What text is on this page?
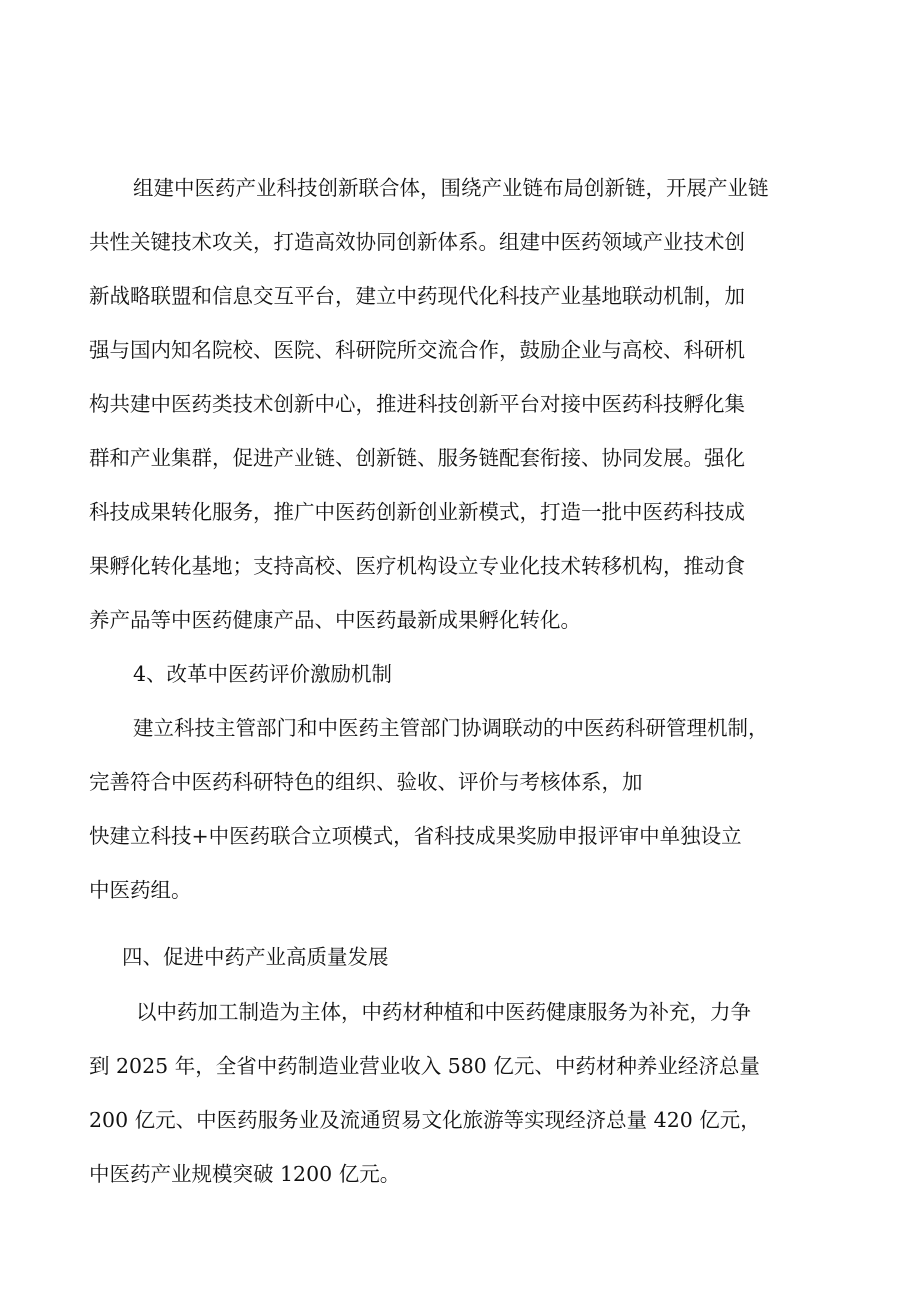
组建中医药产业科技创新联合体，围绕产业链布局创新链，开展产业链

共性关键技术攻关，打造高效协同创新体系。组建中医药领域产业技术创

新战略联盟和信息交互平台，建立中药现代化科技产业基地联动机制，加

强与国内知名院校、医院、科研院所交流合作，鼓励企业与高校、科研机

构共建中医药类技术创新中心，推进科技创新平台对接中医药科技孵化集

群和产业集群，促进产业链、创新链、服务链配套衔接、协同发展。强化

科技成果转化服务，推广中医药创新创业新模式，打造一批中医药科技成

果孵化转化基地；支持高校、医疗机构设立专业化技术转移机构，推动食

养产品等中医药健康产品、中医药最新成果孵化转化。

4、改革中医药评价激励机制

建立科技主管部门和中医药主管部门协调联动的中医药科研管理机制，

完善符合中医药科研特色的组织、验收、评价与考核体系，加

快建立科技+中医药联合立项模式，省科技成果奖励申报评审中单独设立

中医药组。

四、促进中药产业高质量发展

以中药加工制造为主体，中药材种植和中医药健康服务为补充，力争

到 2025 年，全省中药制造业营业收入 580 亿元、中药材种养业经济总量

200 亿元、中医药服务业及流通贸易文化旅游等实现经济总量 420 亿元，

中医药产业规模突破 1200 亿元。
